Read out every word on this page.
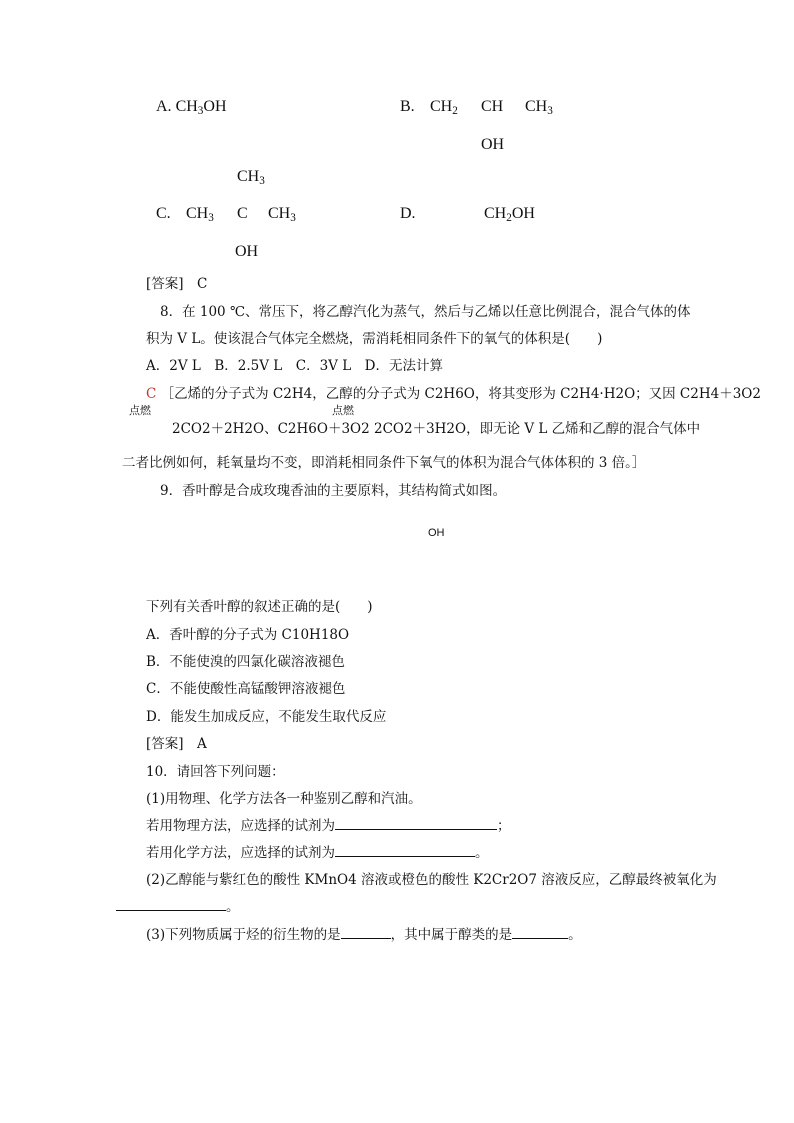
A. $CH_3OH$	B. $CH_2$ CH $CH_3$
OH
C.
$CH_3$
$CH_3$ C $CH_3$
OH
D.	$CH_2OH$
[答案]　 C
8．在 100 ℃、常压下，将乙醇汽化为蒸气，然后与乙烯以任意比例混合，混合气体的体
积为 V L。使该混合气体完全燃烧，需消耗相同条件下的氧气的体积是(　　)
A．2V L　B．2.5V L　C．3V L　D．无法计算
C ［乙烯的分子式为 C2H4，乙醇的分子式为 C2H6O，将其变形为 C2H4·H2O；又因 C2H4＋3O2
点燃
2CO2＋2H2O、C2H6O＋3O2
点燃
2CO2＋3H2O，即无论 V L 乙烯和乙醇的混合气体中
二者比例如何，耗氧量均不变，即消耗相同条件下氧气的体积为混合气体体积的 3 倍。］
9．香叶醇是合成玫瑰香油的主要原料，其结构简式如图。
OH
下列有关香叶醇的叙述正确的是(　　)
A．香叶醇的分子式为 C10H18O
B．不能使溴的四氯化碳溶液褪色
C．不能使酸性高锰酸钾溶液褪色
D．能发生加成反应，不能发生取代反应
[答案]　 A
10．请回答下列问题：
(1)用物理、化学方法各一种鉴别乙醇和汽油。
若用物理方法，应选择的试剂为	；
若用化学方法，应选择的试剂为	。
(2)乙醇能与紫红色的酸性 KMnO4 溶液或橙色的酸性 K2Cr2O7 溶液反应，乙醇最终被氧化为
。
(3)下列物质属于烃的衍生物的是	，其中属于醇类的是	。
